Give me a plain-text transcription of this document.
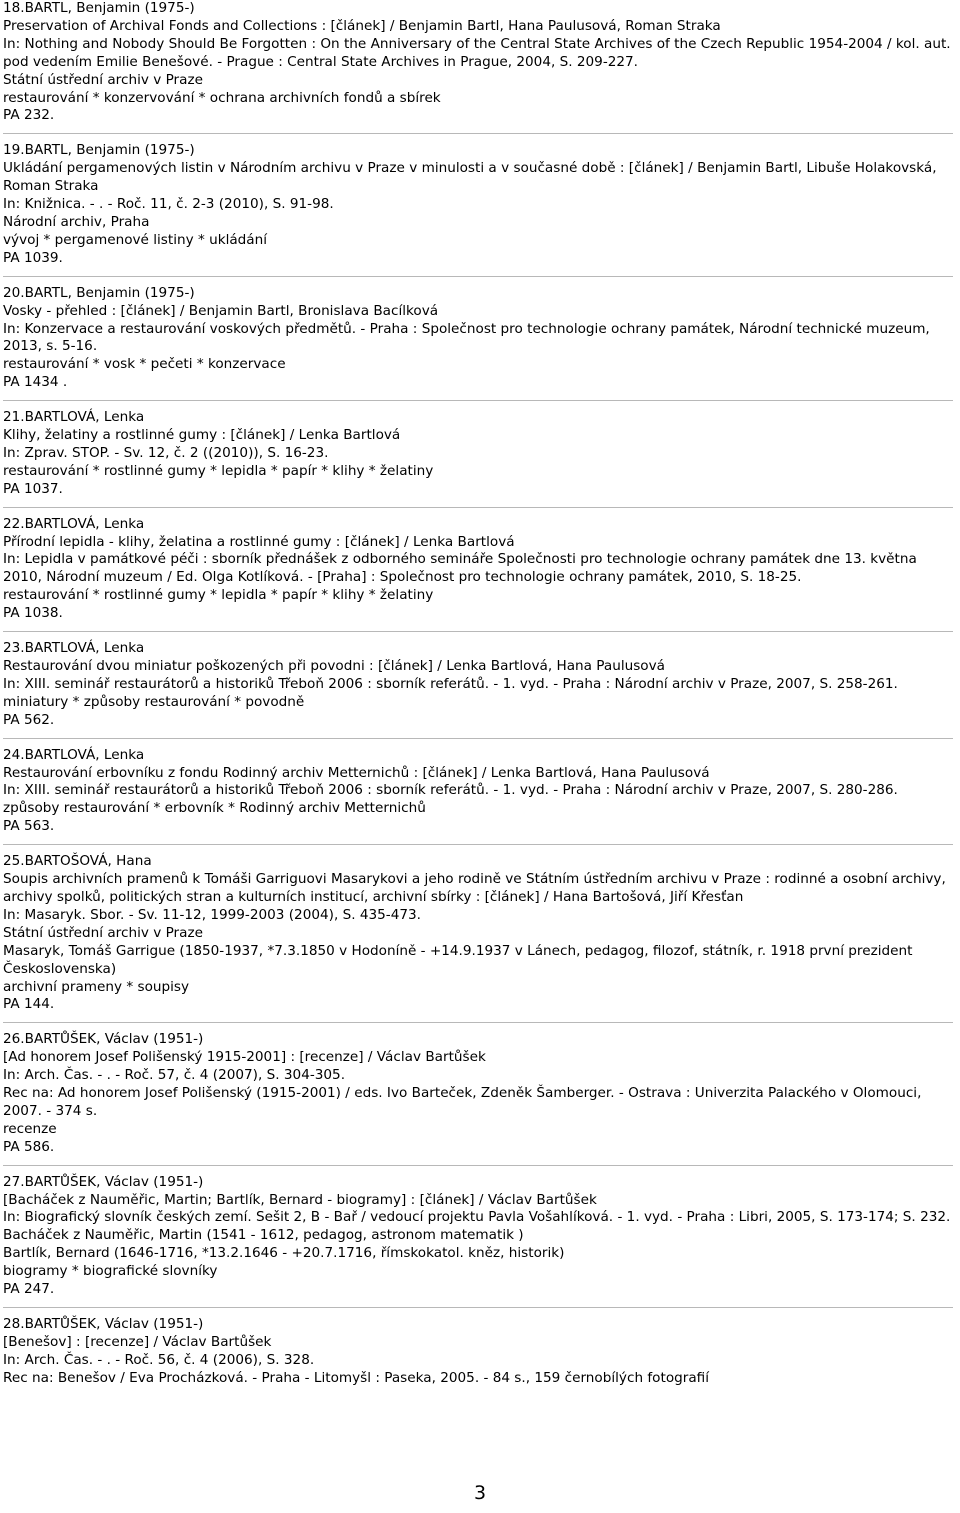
18.BARTL, Benjamin (1975-)
Preservation of Archival Fonds and Collections : [článek] / Benjamin Bartl, Hana Paulusová, Roman Straka
In: Nothing and Nobody Should Be Forgotten : On the Anniversary of the Central State Archives of the Czech Republic 1954-2004 / kol. aut. pod vedením Emilie Benešové. - Prague : Central State Archives in Prague, 2004, S. 209-227.
Státní ústřední archiv v Praze
restaurování * konzervování * ochrana archivních fondů a sbírek
PA 232.
19.BARTL, Benjamin (1975-)
Ukládání pergamenových listin v Národním archivu v Praze v minulosti a v současné době : [článek] / Benjamin Bartl, Libuše Holakovská, Roman Straka
In: Knižnica. - . - Roč. 11, č. 2-3 (2010), S. 91-98.
Národní archiv, Praha
vývoj * pergamenové listiny * ukládání
PA 1039.
20.BARTL, Benjamin (1975-)
Vosky - přehled : [článek] / Benjamin Bartl, Bronislava Bacílková
In: Konzervace a restaurování voskových předmětů. - Praha : Společnost pro technologie ochrany památek, Národní technické muzeum, 2013, s. 5-16.
restaurování * vosk * pečeti * konzervace
PA 1434 .
21.BARTLOVÁ, Lenka
Klihy, želatiny a rostlinné gumy : [článek] / Lenka Bartlová
In: Zprav. STOP. - Sv. 12, č. 2 ((2010)), S. 16-23.
restaurování * rostlinné gumy * lepidla * papír * klihy * želatiny
PA 1037.
22.BARTLOVÁ, Lenka
Přírodní lepidla - klihy, želatina a rostlinné gumy : [článek] / Lenka Bartlová
In: Lepidla v památkové péči : sborník přednášek z odborného semináře Společnosti pro technologie ochrany památek dne 13. května 2010, Národní muzeum / Ed. Olga Kotlíková. - [Praha] : Společnost pro technologie ochrany památek, 2010, S. 18-25.
restaurování * rostlinné gumy * lepidla * papír * klihy * želatiny
PA 1038.
23.BARTLOVÁ, Lenka
Restaurování dvou miniatur poškozených při povodni : [článek] / Lenka Bartlová, Hana Paulusová
In: XIII. seminář restaurátorů a historiků Třeboň 2006 : sborník referátů. - 1. vyd. - Praha : Národní archiv v Praze, 2007, S. 258-261.
miniatury * způsoby restaurování * povodně
PA 562.
24.BARTLOVÁ, Lenka
Restaurování erbovníku z fondu Rodinný archiv Metternichů : [článek] / Lenka Bartlová, Hana Paulusová
In: XIII. seminář restaurátorů a historiků Třeboň 2006 : sborník referátů. - 1. vyd. - Praha : Národní archiv v Praze, 2007, S. 280-286.
způsoby restaurování * erbovník * Rodinný archiv Metternichů
PA 563.
25.BARTOŠOVÁ, Hana
Soupis archivních pramenů k Tomáši Garriguovi Masarykovi a jeho rodině ve Státním ústředním archivu v Praze : rodinné a osobní archivy, archivy spolků, politických stran a kulturních institucí, archivní sbírky : [článek] / Hana Bartošová, Jiří Křesťan
In: Masaryk. Sbor. - Sv. 11-12, 1999-2003 (2004), S. 435-473.
Státní ústřední archiv v Praze
Masaryk, Tomáš Garrigue (1850-1937, *7.3.1850 v Hodoníně - +14.9.1937 v Lánech, pedagog, filozof, státník, r. 1918 první prezident Československa)
archivní prameny * soupisy
PA 144.
26.BARTŮŠEK, Václav (1951-)
[Ad honorem Josef Polišenský 1915-2001] : [recenze] / Václav Bartůšek
In: Arch. Čas. - . - Roč. 57, č. 4 (2007), S. 304-305.
Rec na: Ad honorem Josef Polišenský (1915-2001) / eds. Ivo Barteček, Zdeněk Šamberger. - Ostrava : Univerzita Palackého v Olomouci, 2007. - 374 s.
recenze
PA 586.
27.BARTŮŠEK, Václav (1951-)
[Bacháček z Nauměřic, Martin; Bartlík, Bernard - biogramy] : [článek] / Václav Bartůšek
In: Biografický slovník českých zemí. Sešit 2, B - Bař / vedoucí projektu Pavla Vošahlíková. - 1. vyd. - Praha : Libri, 2005, S. 173-174; S. 232.
Bacháček z Nauměřic, Martin (1541 - 1612, pedagog, astronom matematik )
Bartlík, Bernard (1646-1716, *13.2.1646 - +20.7.1716, římskokatol. kněz, historik)
biogramy * biografické slovníky
PA 247.
28.BARTŮŠEK, Václav (1951-)
[Benešov] : [recenze] / Václav Bartůšek
In: Arch. Čas. - . - Roč. 56, č. 4 (2006), S. 328.
Rec na: Benešov / Eva Procházková. - Praha - Litomyšl : Paseka, 2005. - 84 s., 159 černobílých fotografií
3
